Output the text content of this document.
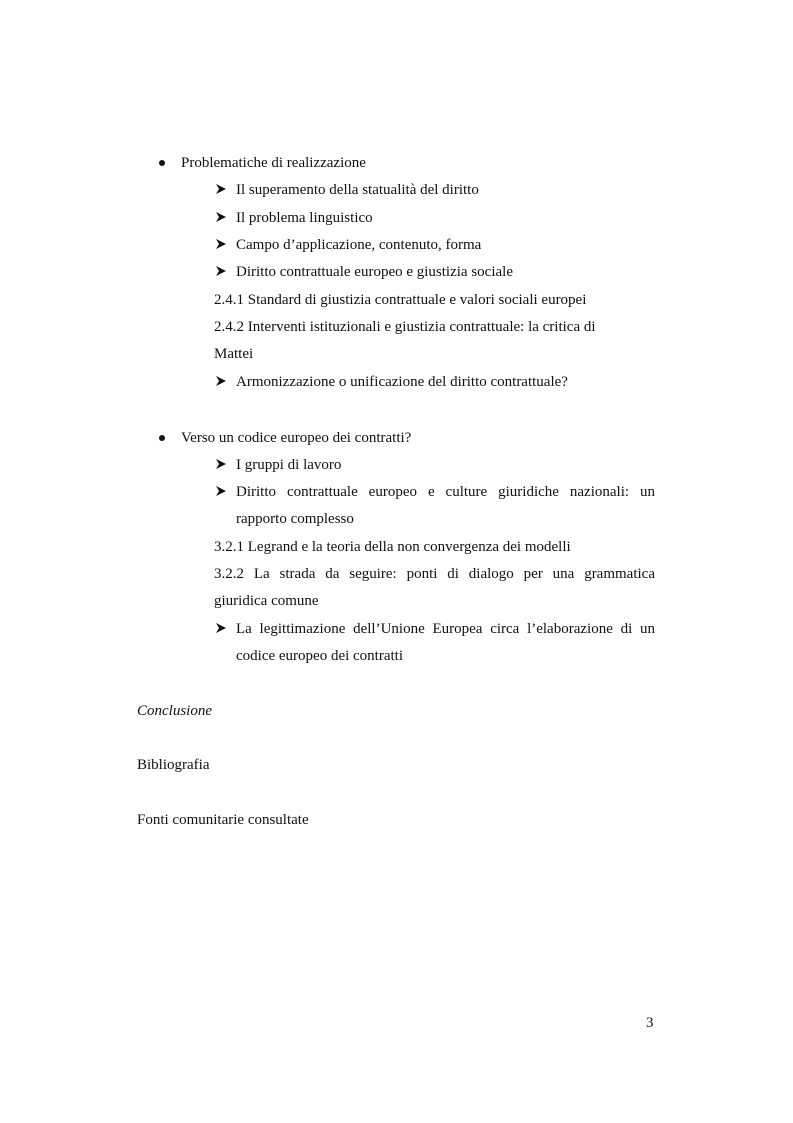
Problematiche di realizzazione
Il superamento della statualità del diritto
Il problema linguistico
Campo d’applicazione, contenuto, forma
Diritto contrattuale europeo e giustizia sociale
2.4.1 Standard di giustizia contrattuale e valori sociali europei
2.4.2 Interventi istituzionali e giustizia contrattuale: la critica di
Mattei
Armonizzazione o unificazione del diritto contrattuale?
Verso un codice europeo dei contratti?
I gruppi di lavoro
Diritto contrattuale europeo e culture giuridiche nazionali: un
rapporto complesso
3.2.1 Legrand e la teoria della non convergenza dei modelli
3.2.2 La strada da seguire: ponti di dialogo per una grammatica
giuridica comune
La legittimazione dell’Unione Europea circa l’elaborazione di un
codice europeo dei contratti
Conclusione
Bibliografia
Fonti comunitarie consultate
3
